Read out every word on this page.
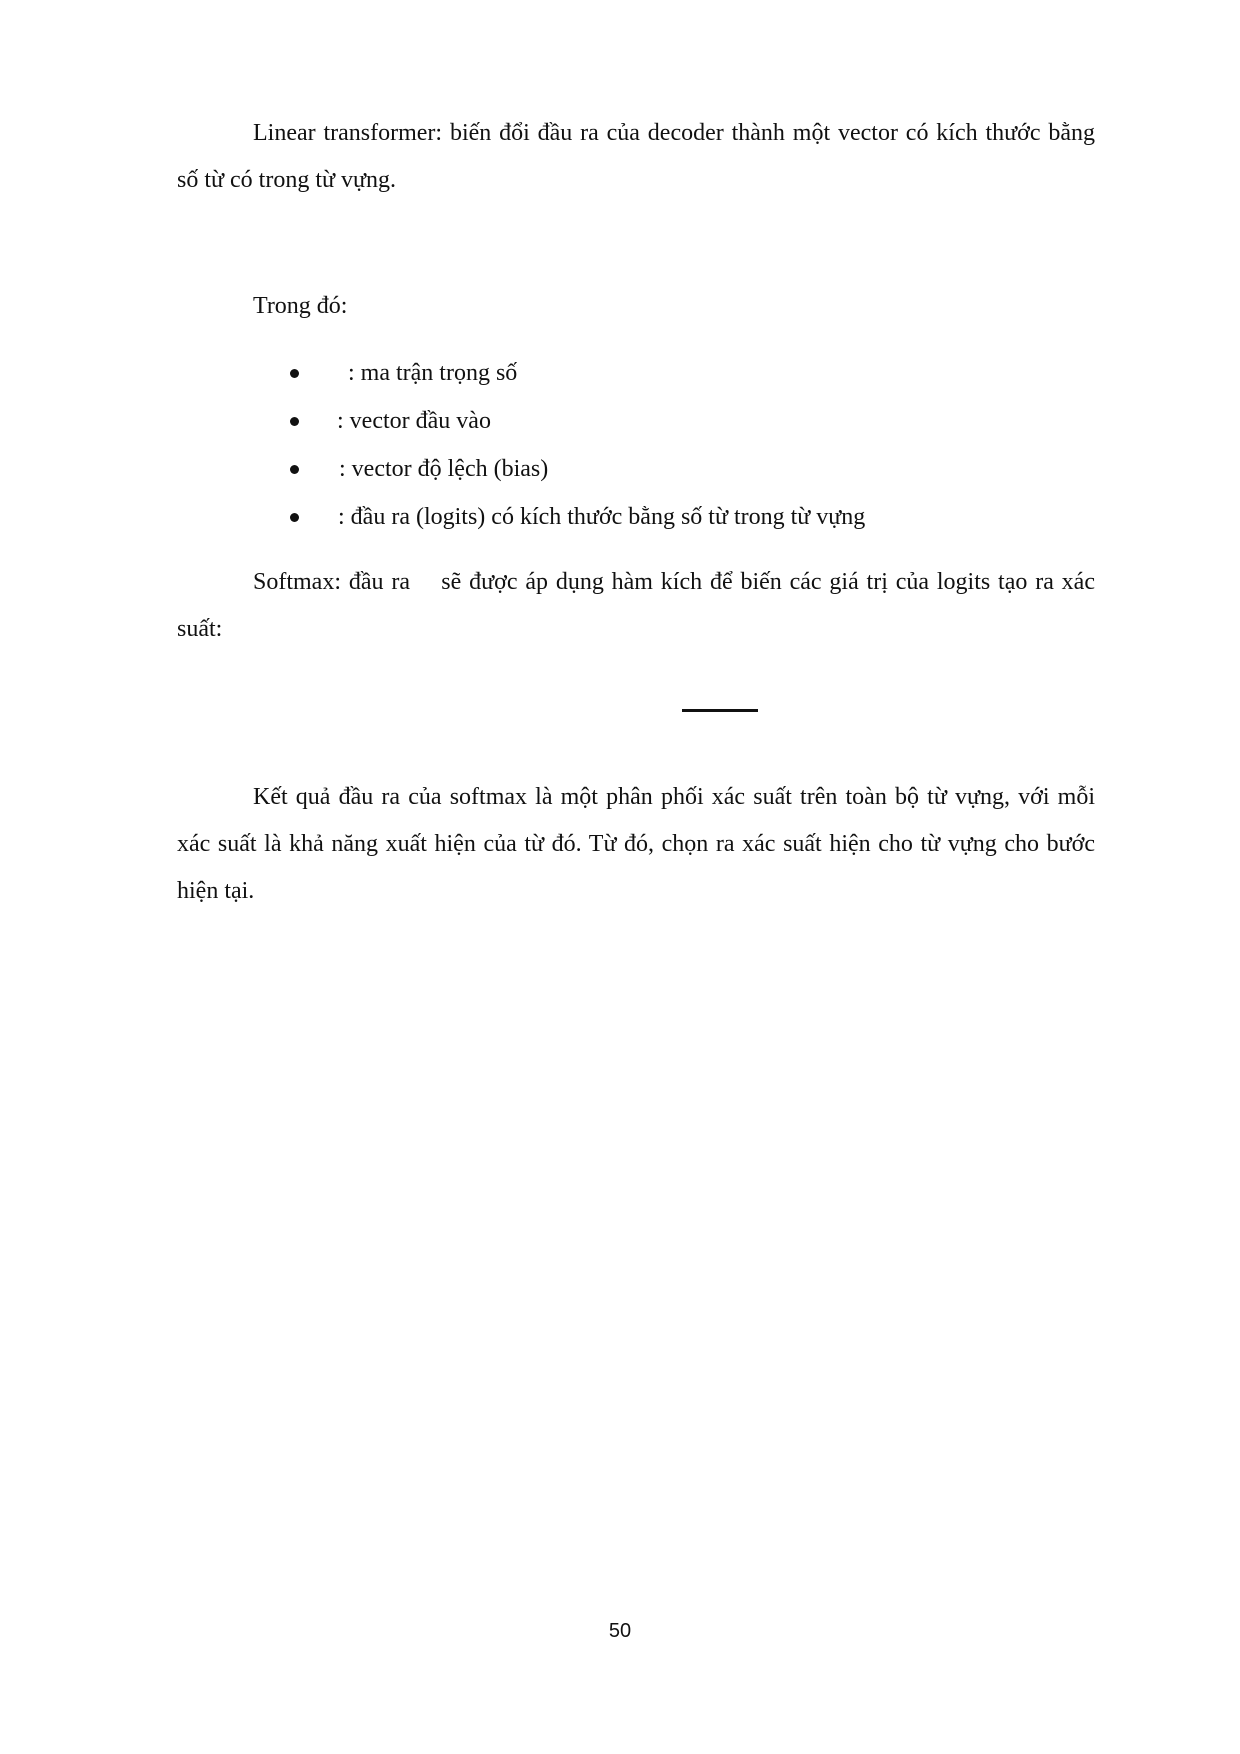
Linear transformer: biến đổi đầu ra của decoder thành một vector có kích thước bằng số từ có trong từ vựng.

Trong đó:

: ma trận trọng số
: vector đầu vào
: vector độ lệch (bias)
: đầu ra (logits) có kích thước bằng số từ trong từ vựng

Softmax: đầu ra    sẽ được áp dụng hàm kích để biến các giá trị của logits tạo ra xác suất:

Kết quả đầu ra của softmax là một phân phối xác suất trên toàn bộ từ vựng, với mỗi xác suất là khả năng xuất hiện của từ đó. Từ đó, chọn ra xác suất hiện cho từ vựng cho bước hiện tại.

50
